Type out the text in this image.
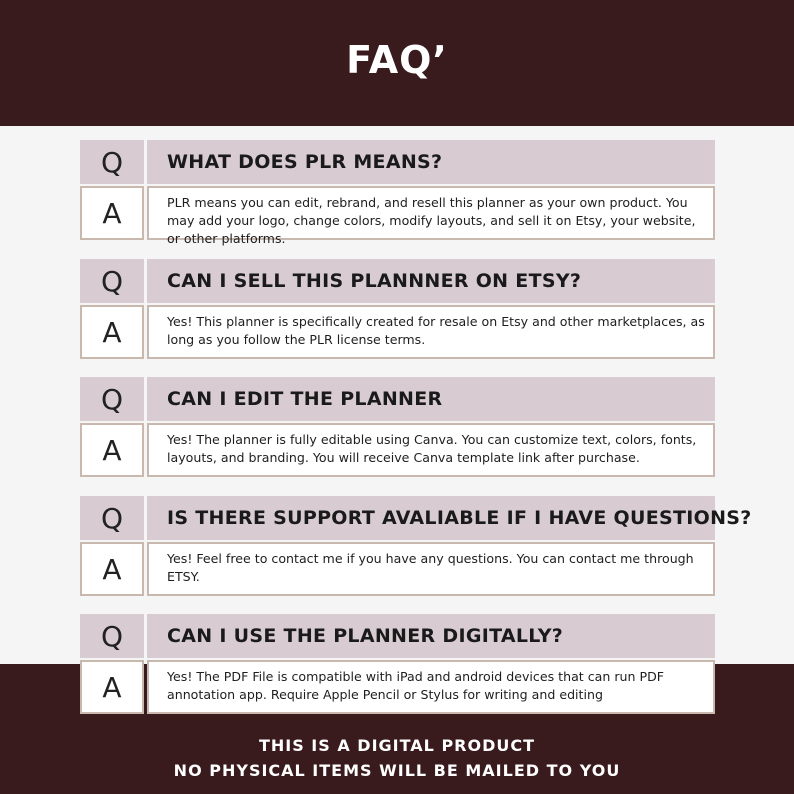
FAQ’
Q	WHAT DOES PLR MEANS?
A	PLR means you can edit, rebrand, and resell this planner as your own product. You may add your logo, change colors, modify layouts, and sell it on Etsy, your website, or other platforms.
Q	CAN I SELL THIS PLANNNER ON ETSY?
A	Yes! This planner is specifically created for resale on Etsy and other marketplaces, as long as you follow the PLR license terms.
Q	CAN I EDIT THE PLANNER
A	Yes! The planner is fully editable using Canva. You can customize text, colors, fonts, layouts, and branding. You will receive Canva template link after purchase.
Q	IS THERE SUPPORT AVALIABLE IF I HAVE QUESTIONS?
A	Yes! Feel free to contact me if you have any questions. You can contact me through ETSY.
Q	CAN I USE THE PLANNER DIGITALLY?
A	Yes! The PDF File is compatible with iPad and android devices that can run PDF annotation app. Require Apple Pencil or Stylus for writing and editing
THIS IS A DIGITAL PRODUCT
NO PHYSICAL ITEMS WILL BE MAILED TO YOU
